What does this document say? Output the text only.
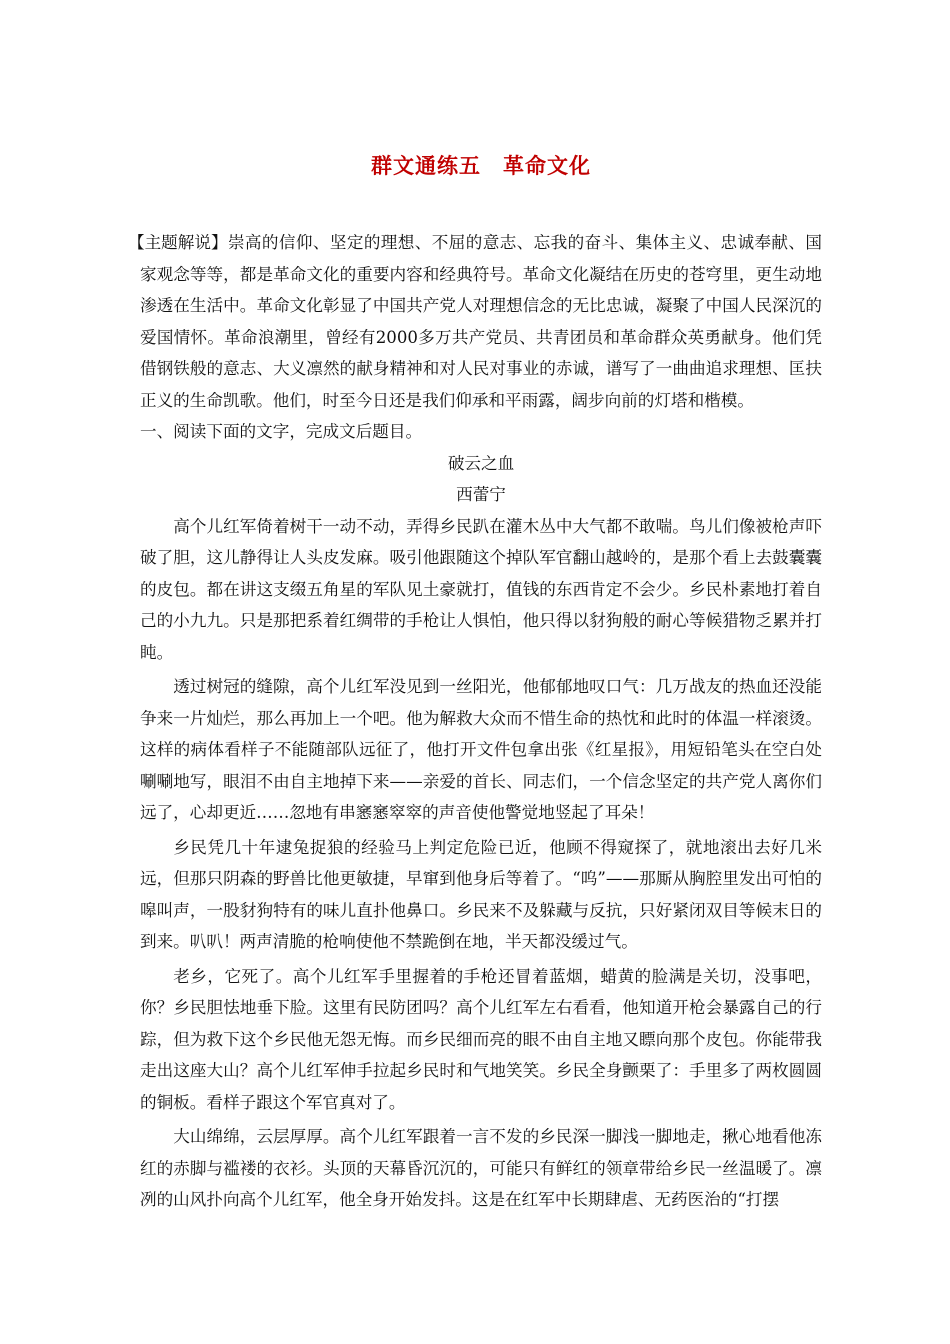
群文通练五　革命文化

【主题解说】崇高的信仰、坚定的理想、不屈的意志、忘我的奋斗、集体主义、忠诚奉献、国家观念等等，都是革命文化的重要内容和经典符号。革命文化凝结在历史的苍穹里，更生动地渗透在生活中。革命文化彰显了中国共产党人对理想信念的无比忠诚，凝聚了中国人民深沉的爱国情怀。革命浪潮里，曾经有2000多万共产党员、共青团员和革命群众英勇献身。他们凭借钢铁般的意志、大义凛然的献身精神和对人民对事业的赤诚，谱写了一曲曲追求理想、匡扶正义的生命凯歌。他们，时至今日还是我们仰承和平雨露，阔步向前的灯塔和楷模。

一、阅读下面的文字，完成文后题目。

破云之血

西蕾宁

高个儿红军倚着树干一动不动，弄得乡民趴在灌木丛中大气都不敢喘。鸟儿们像被枪声吓破了胆，这儿静得让人头皮发麻。吸引他跟随这个掉队军官翻山越岭的，是那个看上去鼓囊囊的皮包。都在讲这支缀五角星的军队见土豪就打，值钱的东西肯定不会少。乡民朴素地打着自己的小九九。只是那把系着红绸带的手枪让人惧怕，他只得以豺狗般的耐心等候猎物乏累并打盹。

透过树冠的缝隙，高个儿红军没见到一丝阳光，他郁郁地叹口气：几万战友的热血还没能争来一片灿烂，那么再加上一个吧。他为解救大众而不惜生命的热忱和此时的体温一样滚烫。这样的病体看样子不能随部队远征了，他打开文件包拿出张《红星报》，用短铅笔头在空白处唰唰地写，眼泪不由自主地掉下来——亲爱的首长、同志们，一个信念坚定的共产党人离你们远了，心却更近……忽地有串窸窸窣窣的声音使他警觉地竖起了耳朵！

乡民凭几十年逮兔捉狼的经验马上判定危险已近，他顾不得窥探了，就地滚出去好几米远，但那只阴森的野兽比他更敏捷，早窜到他身后等着了。“呜”——那厮从胸腔里发出可怕的嗥叫声，一股豺狗特有的味儿直扑他鼻口。乡民来不及躲藏与反抗，只好紧闭双目等候末日的到来。叭叭！两声清脆的枪响使他不禁跪倒在地，半天都没缓过气。

老乡，它死了。高个儿红军手里握着的手枪还冒着蓝烟，蜡黄的脸满是关切，没事吧，你？乡民胆怯地垂下脸。这里有民防团吗？高个儿红军左右看看，他知道开枪会暴露自己的行踪，但为救下这个乡民他无怨无悔。而乡民细而亮的眼不由自主地又瞟向那个皮包。你能带我走出这座大山？高个儿红军伸手拉起乡民时和气地笑笑。乡民全身颤栗了：手里多了两枚圆圆的铜板。看样子跟这个军官真对了。

大山绵绵，云层厚厚。高个儿红军跟着一言不发的乡民深一脚浅一脚地走，揪心地看他冻红的赤脚与褴褛的衣衫。头顶的天幕昏沉沉的，可能只有鲜红的领章带给乡民一丝温暖了。凛冽的山风扑向高个儿红军，他全身开始发抖。这是在红军中长期肆虐、无药医治的“打摆
